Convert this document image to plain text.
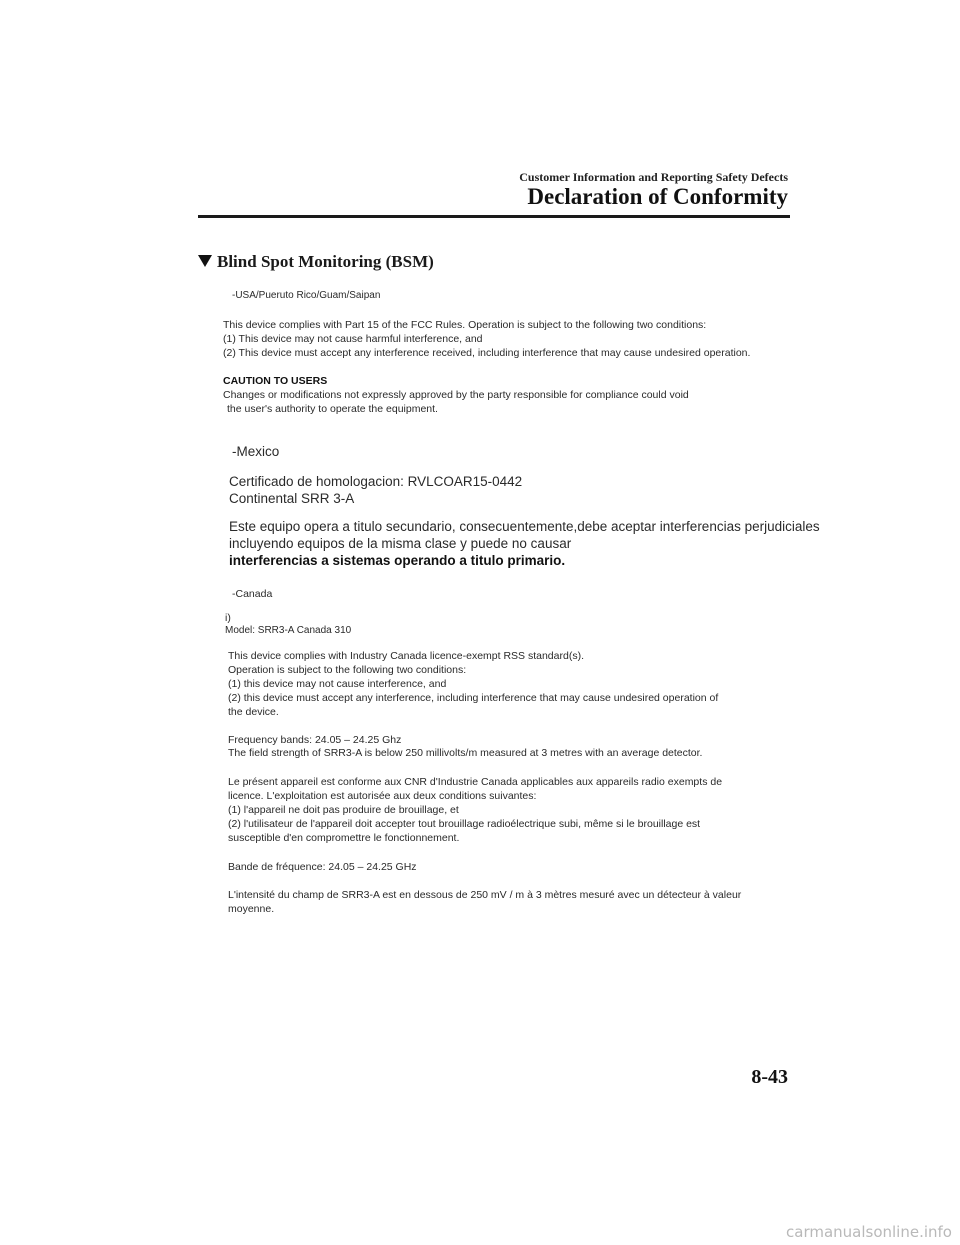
Customer Information and Reporting Safety Defects
Declaration of Conformity
Blind Spot Monitoring (BSM)
-USA/Pueruto Rico/Guam/Saipan
This device complies with Part 15 of the FCC Rules. Operation is subject to the following two conditions:
(1) This device may not cause harmful interference, and
(2) This device must accept any interference received, including interference that may cause undesired operation.
CAUTION TO USERS
Changes or modifications not expressly approved by the party responsible for compliance could void
the user's authority to operate the equipment.
-Mexico
Certificado de homologacion: RVLCOAR15-0442
Continental SRR 3-A
Este equipo opera a titulo secundario, consecuentemente,debe aceptar interferencias perjudiciales
incluyendo equipos de la misma clase y puede no causar
interferencias a sistemas operando a titulo primario.
-Canada
i)
Model: SRR3-A Canada 310
This device complies with Industry Canada licence-exempt RSS standard(s).
Operation is subject to the following two conditions:
(1) this device may not cause interference, and
(2) this device must accept any interference, including interference that may cause undesired operation of
the device.
Frequency bands: 24.05 – 24.25 Ghz
The field strength of SRR3-A is below 250 millivolts/m measured at 3 metres with an average detector.
Le présent appareil est conforme aux CNR d'Industrie Canada applicables aux appareils radio exempts de
licence. L'exploitation est autorisée aux deux conditions suivantes:
(1) l'appareil ne doit pas produire de brouillage, et
(2) l'utilisateur de l'appareil doit accepter tout brouillage radioélectrique subi, même si le brouillage est
susceptible d'en compromettre le fonctionnement.
Bande de fréquence: 24.05 – 24.25 GHz
L'intensité du champ de SRR3-A est en dessous de 250 mV / m à 3 mètres mesuré avec un détecteur à valeur
moyenne.
8-43
carmanualsonline.info
